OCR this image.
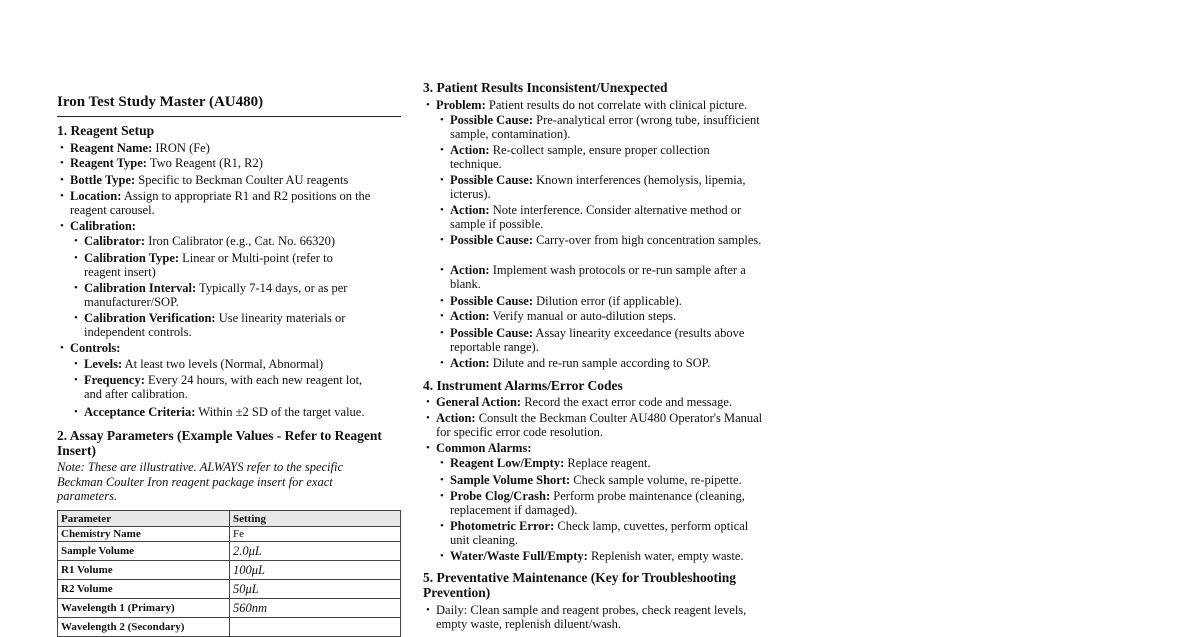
Iron Test Study Master (AU480)
1. Reagent Setup
• Reagent Name: IRON (Fe)
• Reagent Type: Two Reagent (R1, R2)
• Bottle Type: Specific to Beckman Coulter AU reagents
• Location: Assign to appropriate R1 and R2 positions on the reagent carousel.
• Calibration:
• Calibrator: Iron Calibrator (e.g., Cat. No. 66320)
• Calibration Type: Linear or Multi-point (refer to reagent insert)
• Calibration Interval: Typically 7-14 days, or as per manufacturer/SOP.
• Calibration Verification: Use linearity materials or independent controls.
• Controls:
• Levels: At least two levels (Normal, Abnormal)
• Frequency: Every 24 hours, with each new reagent lot, and after calibration.
• Acceptance Criteria: Within ±2 SD of the target value.
2. Assay Parameters (Example Values - Refer to Reagent Insert)
Note: These are illustrative. ALWAYS refer to the specific Beckman Coulter Iron reagent package insert for exact parameters.
Parameter	Setting
Chemistry Name	Fe
Sample Volume	2.0μL
R1 Volume	100μL
R2 Volume	50μL
Wavelength 1 (Primary)	560nm
Wavelength 2 (Secondary)	
3. Patient Results Inconsistent/Unexpected
• Problem: Patient results do not correlate with clinical picture.
• Possible Cause: Pre-analytical error (wrong tube, insufficient sample, contamination).
• Action: Re-collect sample, ensure proper collection technique.
• Possible Cause: Known interferences (hemolysis, lipemia, icterus).
• Action: Note interference. Consider alternative method or sample if possible.
• Possible Cause: Carry-over from high concentration samples.
• Action: Implement wash protocols or re-run sample after a blank.
• Possible Cause: Dilution error (if applicable).
• Action: Verify manual or auto-dilution steps.
• Possible Cause: Assay linearity exceedance (results above reportable range).
• Action: Dilute and re-run sample according to SOP.
4. Instrument Alarms/Error Codes
• General Action: Record the exact error code and message.
• Action: Consult the Beckman Coulter AU480 Operator's Manual for specific error code resolution.
• Common Alarms:
• Reagent Low/Empty: Replace reagent.
• Sample Volume Short: Check sample volume, re-pipette.
• Probe Clog/Crash: Perform probe maintenance (cleaning, replacement if damaged).
• Photometric Error: Check lamp, cuvettes, perform optical unit cleaning.
• Water/Waste Full/Empty: Replenish water, empty waste.
5. Preventative Maintenance (Key for Troubleshooting Prevention)
• Daily: Clean sample and reagent probes, check reagent levels, empty waste, replenish diluent/wash.
